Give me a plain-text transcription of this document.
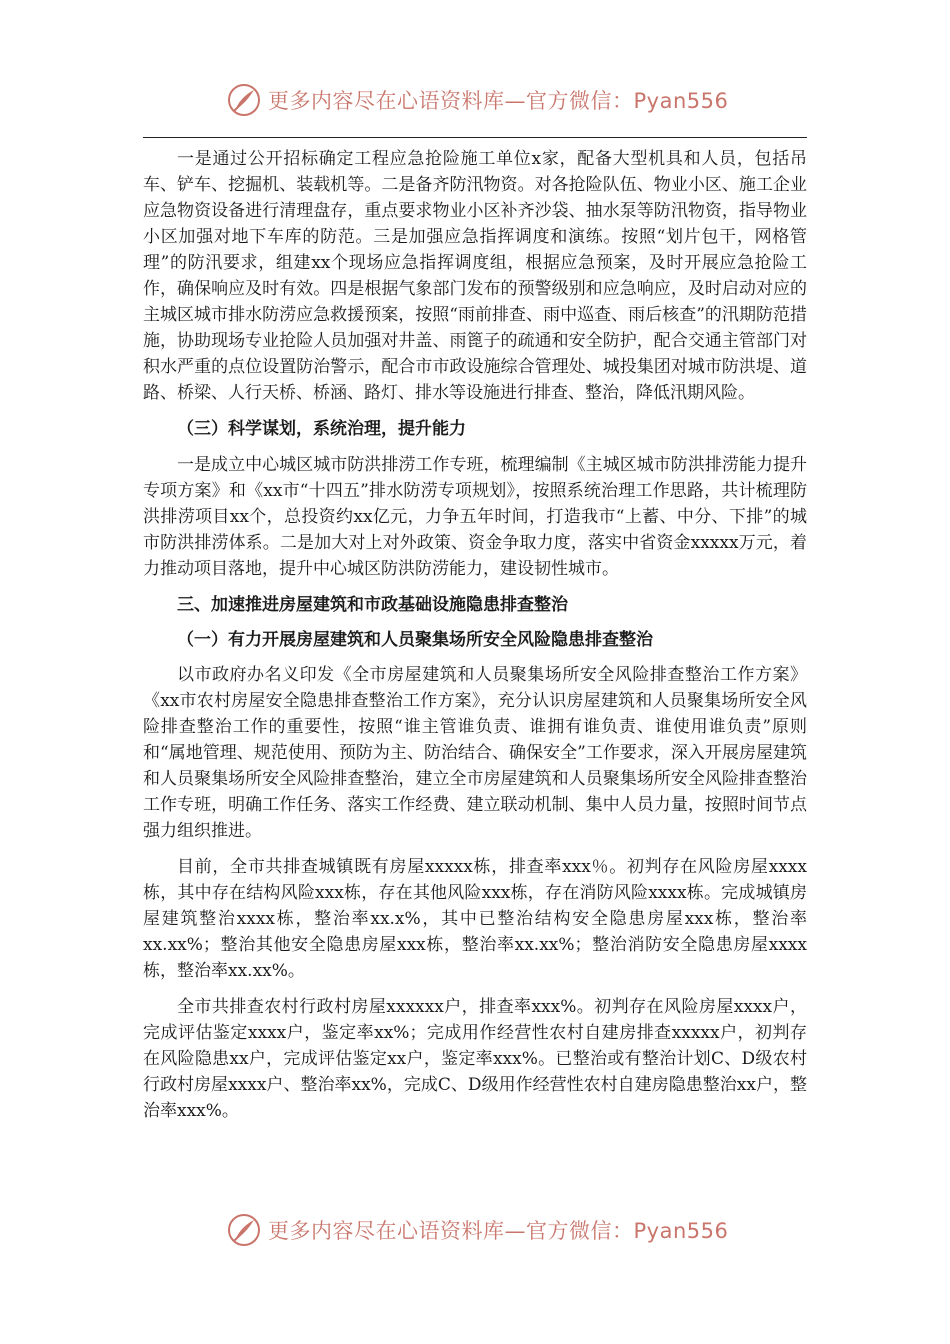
更多内容尽在心语资料库—官方微信：Pyan556

一是通过公开招标确定工程应急抢险施工单位x家，配备大型机具和人员，包括吊车、铲车、挖掘机、装载机等。二是备齐防汛物资。对各抢险队伍、物业小区、施工企业应急物资设备进行清理盘存，重点要求物业小区补齐沙袋、抽水泵等防汛物资，指导物业小区加强对地下车库的防范。三是加强应急指挥调度和演练。按照“划片包干，网格管理”的防汛要求，组建xx个现场应急指挥调度组，根据应急预案，及时开展应急抢险工作，确保响应及时有效。四是根据气象部门发布的预警级别和应急响应，及时启动对应的主城区城市排水防涝应急救援预案，按照“雨前排查、雨中巡查、雨后核查”的汛期防范措施，协助现场专业抢险人员加强对井盖、雨篦子的疏通和安全防护，配合交通主管部门对积水严重的点位设置防治警示，配合市市政设施综合管理处、城投集团对城市防洪堤、道路、桥梁、人行天桥、桥涵、路灯、排水等设施进行排查、整治，降低汛期风险。

（三）科学谋划，系统治理，提升能力

一是成立中心城区城市防洪排涝工作专班，梳理编制《主城区城市防洪排涝能力提升专项方案》和《xx市“十四五”排水防涝专项规划》，按照系统治理工作思路，共计梳理防洪排涝项目xx个，总投资约xx亿元，力争五年时间，打造我市“上蓄、中分、下排”的城市防洪排涝体系。二是加大对上对外政策、资金争取力度，落实中省资金xxxxx万元，着力推动项目落地，提升中心城区防洪防涝能力，建设韧性城市。

三、加速推进房屋建筑和市政基础设施隐患排查整治

（一）有力开展房屋建筑和人员聚集场所安全风险隐患排查整治

以市政府办名义印发《全市房屋建筑和人员聚集场所安全风险排查整治工作方案》《xx市农村房屋安全隐患排查整治工作方案》，充分认识房屋建筑和人员聚集场所安全风险排查整治工作的重要性，按照“谁主管谁负责、谁拥有谁负责、谁使用谁负责”原则和“属地管理、规范使用、预防为主、防治结合、确保安全”工作要求，深入开展房屋建筑和人员聚集场所安全风险排查整治，建立全市房屋建筑和人员聚集场所安全风险排查整治工作专班，明确工作任务、落实工作经费、建立联动机制、集中人员力量，按照时间节点强力组织推进。

目前，全市共排查城镇既有房屋xxxxx栋，排查率xxx％。初判存在风险房屋xxxx栋，其中存在结构风险xxx栋，存在其他风险xxx栋，存在消防风险xxxx栋。完成城镇房屋建筑整治xxxx栋，整治率xx.x%，其中已整治结构安全隐患房屋xxx栋，整治率xx.xx%；整治其他安全隐患房屋xxx栋，整治率xx.xx%；整治消防安全隐患房屋xxxx栋，整治率xx.xx%。

全市共排查农村行政村房屋xxxxxx户，排查率xxx%。初判存在风险房屋xxxx户，完成评估鉴定xxxx户，鉴定率xx%；完成用作经营性农村自建房排查xxxxx户，初判存在风险隐患xx户，完成评估鉴定xx户，鉴定率xxx%。已整治或有整治计划C、D级农村行政村房屋xxxx户、整治率xx%，完成C、D级用作经营性农村自建房隐患整治xx户，整治率xxx%。

更多内容尽在心语资料库—官方微信：Pyan556
